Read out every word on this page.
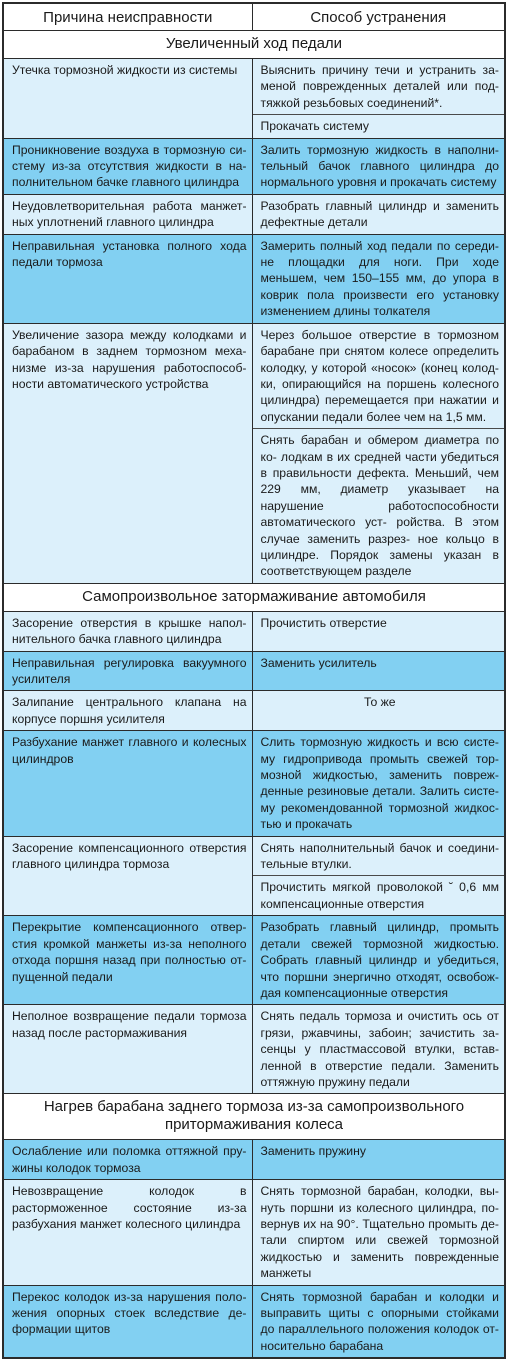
Причина неисправности	Способ устранения
Увеличенный ход педали	
Утечка тормозной жидкости из системы	Выяснить причину течи и устранить за- меной поврежденных деталей или под- тяжкой резьбовых соединений*.

Прокачать систему

Проникновение воздуха в тормозную си- стему из-за отсутствия жидкости в на- полнительном бачке главного цилиндра	Залить тормозную жидкость в наполни- тельный бачок главного цилиндра до нормального уровня и прокачать систему

Неудовлетворительная работа манжет- ных уплотнений главного цилиндра	Разобрать главный цилиндр и заменить дефектные детали

Неправильная установка полного хода педали тормоза	Замерить полный ход педали по середи- не площадки для ноги. При ходе меньшем, чем 150–155 мм, до упора в коврик пола произвести его установку изменением длины толкателя

Увеличение зазора между колодками и барабаном в заднем тормозном меха- низме из-за нарушения работоспособ- ности автоматического устройства	Через большое отверстие в тормозном барабане при снятом колесе определить колодку, у которой «носок» (конец колод- ки, опирающийся на поршень колесного цилиндра) перемещается при нажатии и опускании педали более чем на 1,5 мм.

Снять барабан и обмером диаметра по ко- лодкам в их средней части убедиться в правильности дефекта. Меньший, чем 229 мм, диаметр указывает на нарушение работоспособности автоматического уст- ройства. В этом случае заменить разрез- ное кольцо в цилиндре. Порядок замены указан в соответствующем разделе

Самопроизвольное затормаживание автомобиля	
Засорение отверстия в крышке напол- нительного бачка главного цилиндра	Прочистить отверстие

Неправильная регулировка вакуумного усилителя	Заменить усилитель

Залипание центрального клапана на корпусе поршня усилителя	То же

Разбухание манжет главного и колесных цилиндров	Слить тормозную жидкость и всю систе- му гидропривода промыть свежей тор- мозной жидкостью, заменить повреж- денные резиновые детали. Залить систе- му рекомендованной тормозной жидкос- тью и прокачать

Засорение компенсационного отверстия главного цилиндра тормоза	Снять наполнительный бачок и соедини- тельные втулки.

Прочистить мягкой проволокой ˘ 0,6 мм компенсационные отверстия

Перекрытие компенсационного отвер- стия кромкой манжеты из-за неполного отхода поршня назад при полностью от- пущенной педали	Разобрать главный цилиндр, промыть детали свежей тормозной жидкостью. Собрать главный цилиндр и убедиться, что поршни энергично отходят, освобож- дая компенсационные отверстия

Неполное возвращение педали тормоза назад после растормаживания	Снять педаль тормоза и очистить ось от грязи, ржавчины, забоин; зачистить за- сенцы у пластмассовой втулки, встав- ленной в отверстие педали. Заменить оттяжную пружину педали

Нагрев барабана заднего тормоза из-за самопроизвольного притормаживания колеса	
Ослабление или поломка оттяжной пру- жины колодок тормоза	Заменить пружину

Невозвращение колодок в расторможенное состояние из-за разбухания манжет колесного цилиндра	Снять тормозной барабан, колодки, вы- нуть поршни из колесного цилиндра, по- вернув их на 90°. Тщательно промыть де- тали спиртом или свежей тормозной жидкостью и заменить поврежденные манжеты

Перекос колодок из-за нарушения поло- жения опорных стоек вследствие де- формации щитов	Снять тормозной барабан и колодки и выправить щиты с опорными стойками до параллельного положения колодок от- носительно барабана
